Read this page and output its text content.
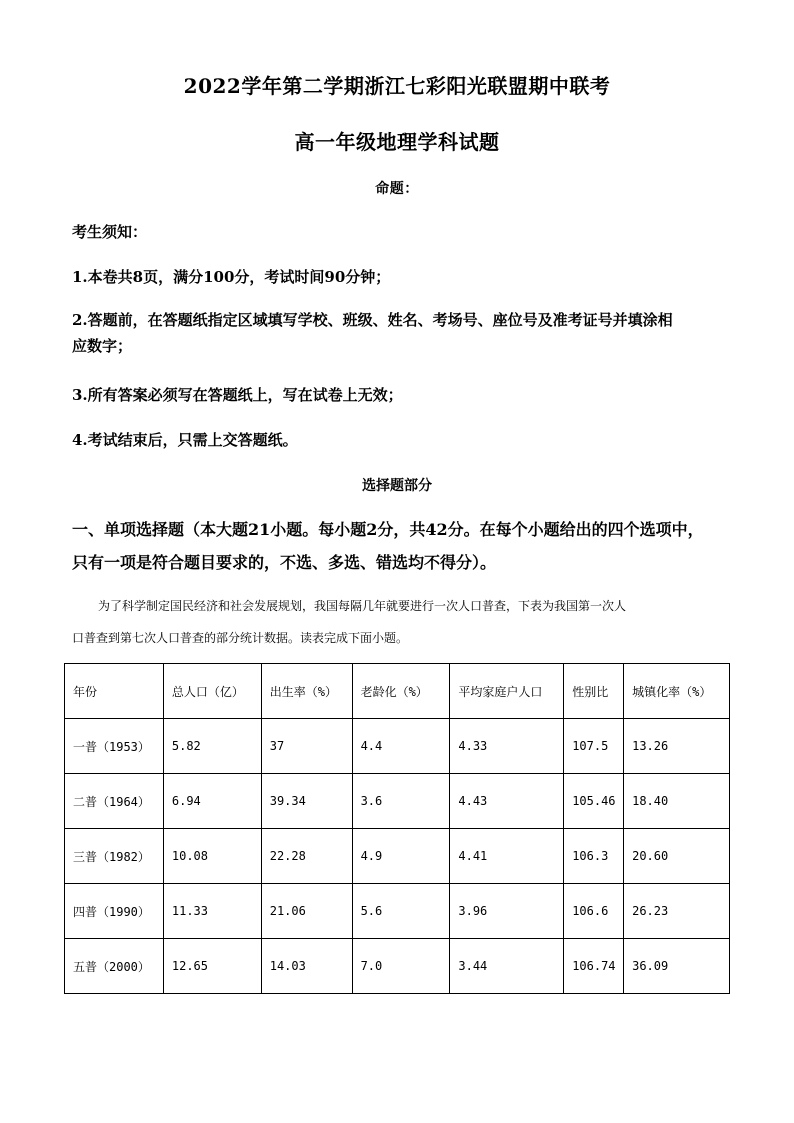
2022学年第二学期浙江七彩阳光联盟期中联考
高一年级地理学科试题
命题：
考生须知：
1.本卷共8页，满分100分，考试时间90分钟；
2.答题前，在答题纸指定区域填写学校、班级、姓名、考场号、座位号及准考证号并填涂相
应数字；
3.所有答案必须写在答题纸上，写在试卷上无效；
4.考试结束后，只需上交答题纸。
选择题部分
一、单项选择题（本大题21小题。每小题2分，共42分。在每个小题给出的四个选项中，
只有一项是符合题目要求的，不选、多选、错选均不得分）。
为了科学制定国民经济和社会发展规划，我国每隔几年就要进行一次人口普查，下表为我国第一次人
口普查到第七次人口普查的部分统计数据。读表完成下面小题。
年份	总人口（亿）	出生率（%）	老龄化（%）	平均家庭户人口	性别比	城镇化率（%）
一普（1953）	5.82	37	4.4	4.33	107.5	13.26
二普（1964）	6.94	39.34	3.6	4.43	105.46	18.40
三普（1982）	10.08	22.28	4.9	4.41	106.3	20.60
四普（1990）	11.33	21.06	5.6	3.96	106.6	26.23
五普（2000）	12.65	14.03	7.0	3.44	106.74	36.09
